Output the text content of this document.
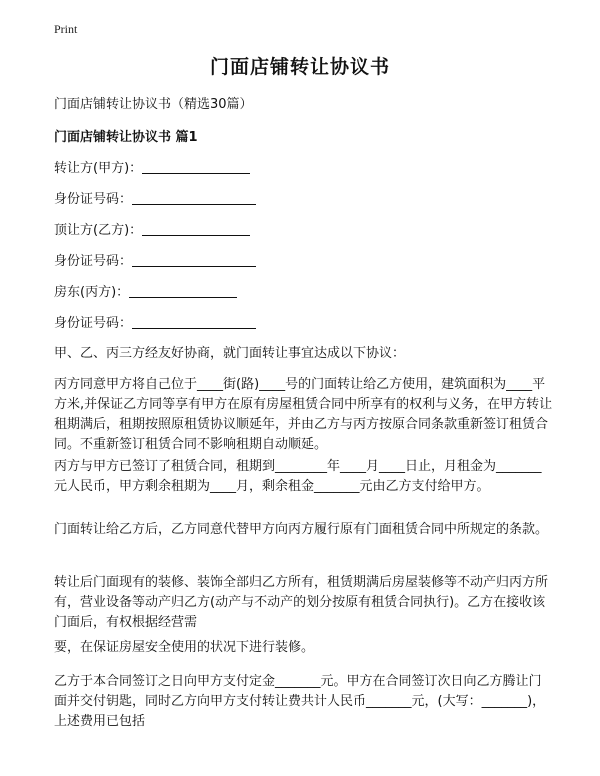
Print
门面店铺转让协议书
门面店铺转让协议书（精选30篇）
门面店铺转让协议书 篇1
转让方(甲方)：
身份证号码：
顶让方(乙方)：
身份证号码：
房东(丙方)：
身份证号码：

甲、乙、丙三方经友好协商，就门面转让事宜达成以下协议：

丙方同意甲方将自己位于____街(路)____号的门面转让给乙方使用，建筑面积为____平方米,并保证乙方同等享有甲方在原有房屋租赁合同中所享有的权利与义务，在甲方转让租期满后，租期按照原租赁协议顺延年，并由乙方与丙方按原合同条款重新签订租赁合同。不重新签订租赁合同不影响租期自动顺延。

丙方与甲方已签订了租赁合同，租期到________年____月____日止，月租金为_______元人民币，甲方剩余租期为____月，剩余租金_______元由乙方支付给甲方。

门面转让给乙方后，乙方同意代替甲方向丙方履行原有门面租赁合同中所规定的条款。

转让后门面现有的装修、装饰全部归乙方所有，租赁期满后房屋装修等不动产归丙方所有，营业设备等动产归乙方(动产与不动产的划分按原有租赁合同执行)。乙方在接收该门面后，有权根据经营需

要，在保证房屋安全使用的状况下进行装修。

乙方于本合同签订之日向甲方支付定金_______元。甲方在合同签订次日向乙方腾让门面并交付钥匙，同时乙方向甲方支付转让费共计人民币_______元，(大写：_______)，上述费用已包括
